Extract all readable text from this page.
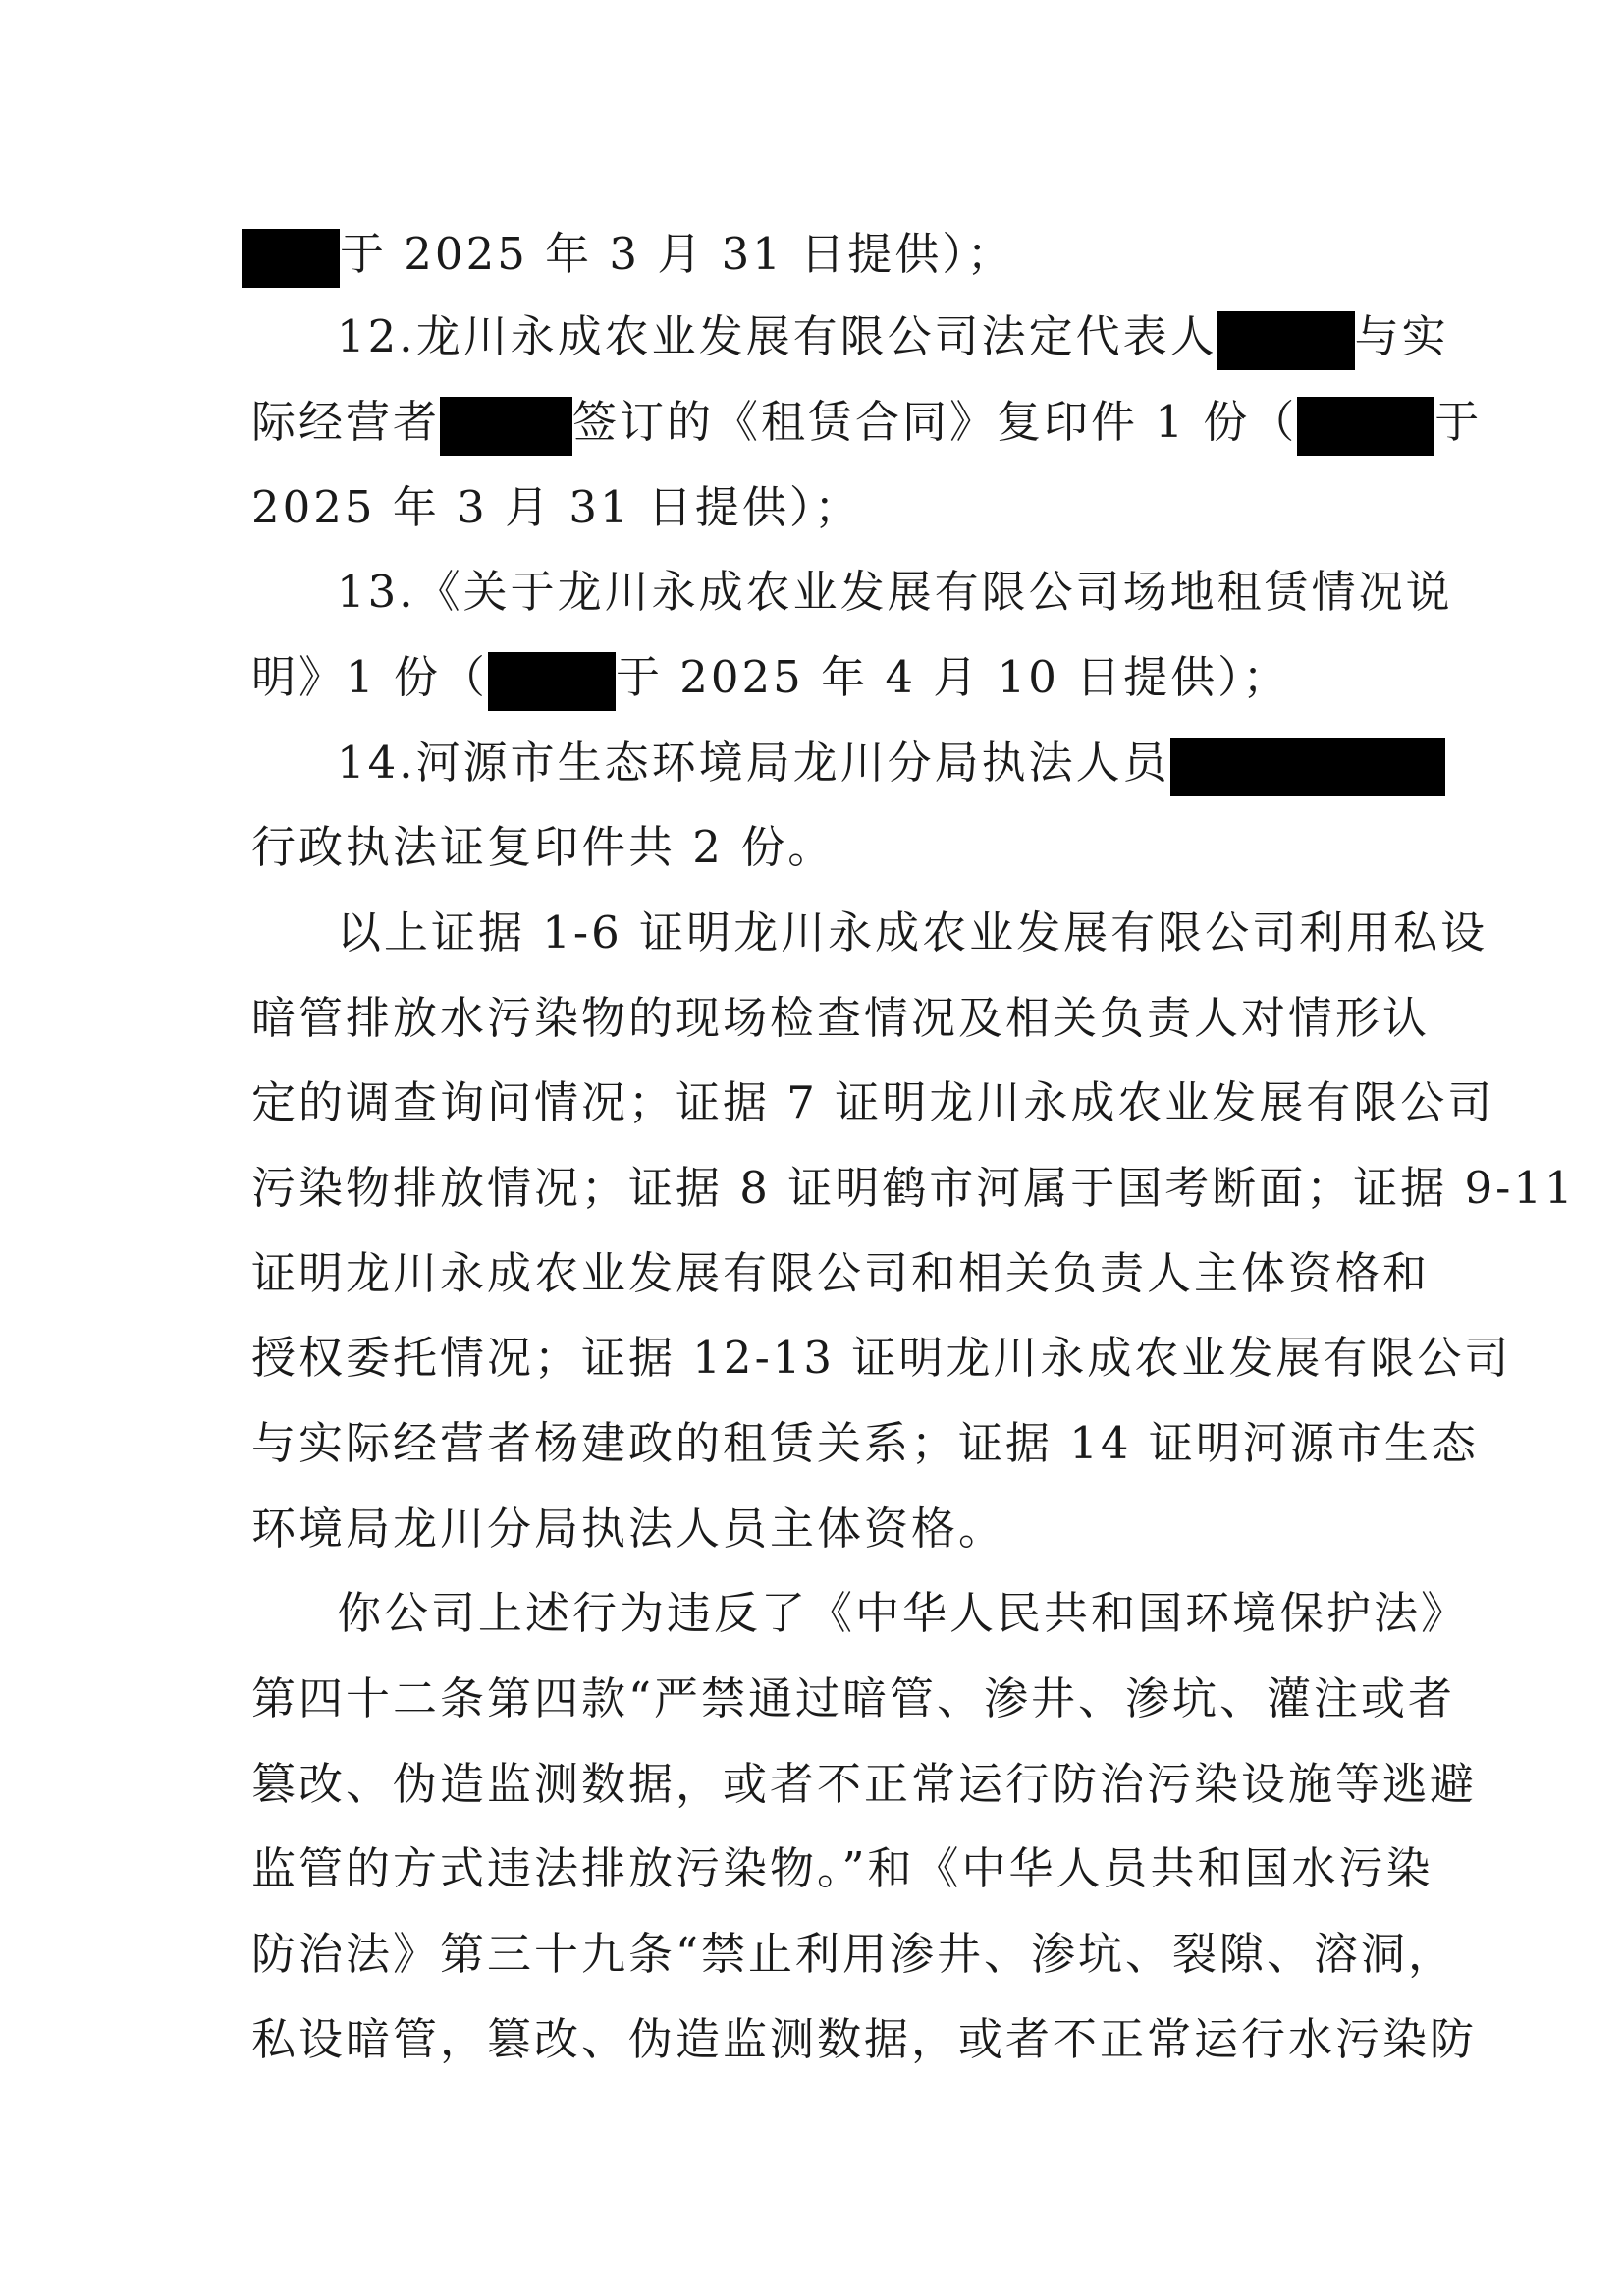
于 2025 年 3 月 31 日提供）；
12.龙川永成农业发展有限公司法定代表人	与实
际经营者	签订的《租赁合同》复印件 1 份（	于
2025 年 3 月 31 日提供）；
13.《关于龙川永成农业发展有限公司场地租赁情况说
明》1 份（	于 2025 年 4 月 10 日提供）；
14.河源市生态环境局龙川分局执法人员
行政执法证复印件共 2 份。
以上证据 1-6 证明龙川永成农业发展有限公司利用私设
暗管排放水污染物的现场检查情况及相关负责人对情形认
定的调查询问情况；证据 7 证明龙川永成农业发展有限公司
污染物排放情况；证据 8 证明鹤市河属于国考断面；证据 9-11
证明龙川永成农业发展有限公司和相关负责人主体资格和
授权委托情况；证据 12-13 证明龙川永成农业发展有限公司
与实际经营者杨建政的租赁关系；证据 14 证明河源市生态
环境局龙川分局执法人员主体资格。
你公司上述行为违反了《中华人民共和国环境保护法》
第四十二条第四款“严禁通过暗管、渗井、渗坑、灌注或者
篡改、伪造监测数据，或者不正常运行防治污染设施等逃避
监管的方式违法排放污染物。”和《中华人员共和国水污染
防治法》第三十九条“禁止利用渗井、渗坑、裂隙、溶洞，
私设暗管，篡改、伪造监测数据，或者不正常运行水污染防
